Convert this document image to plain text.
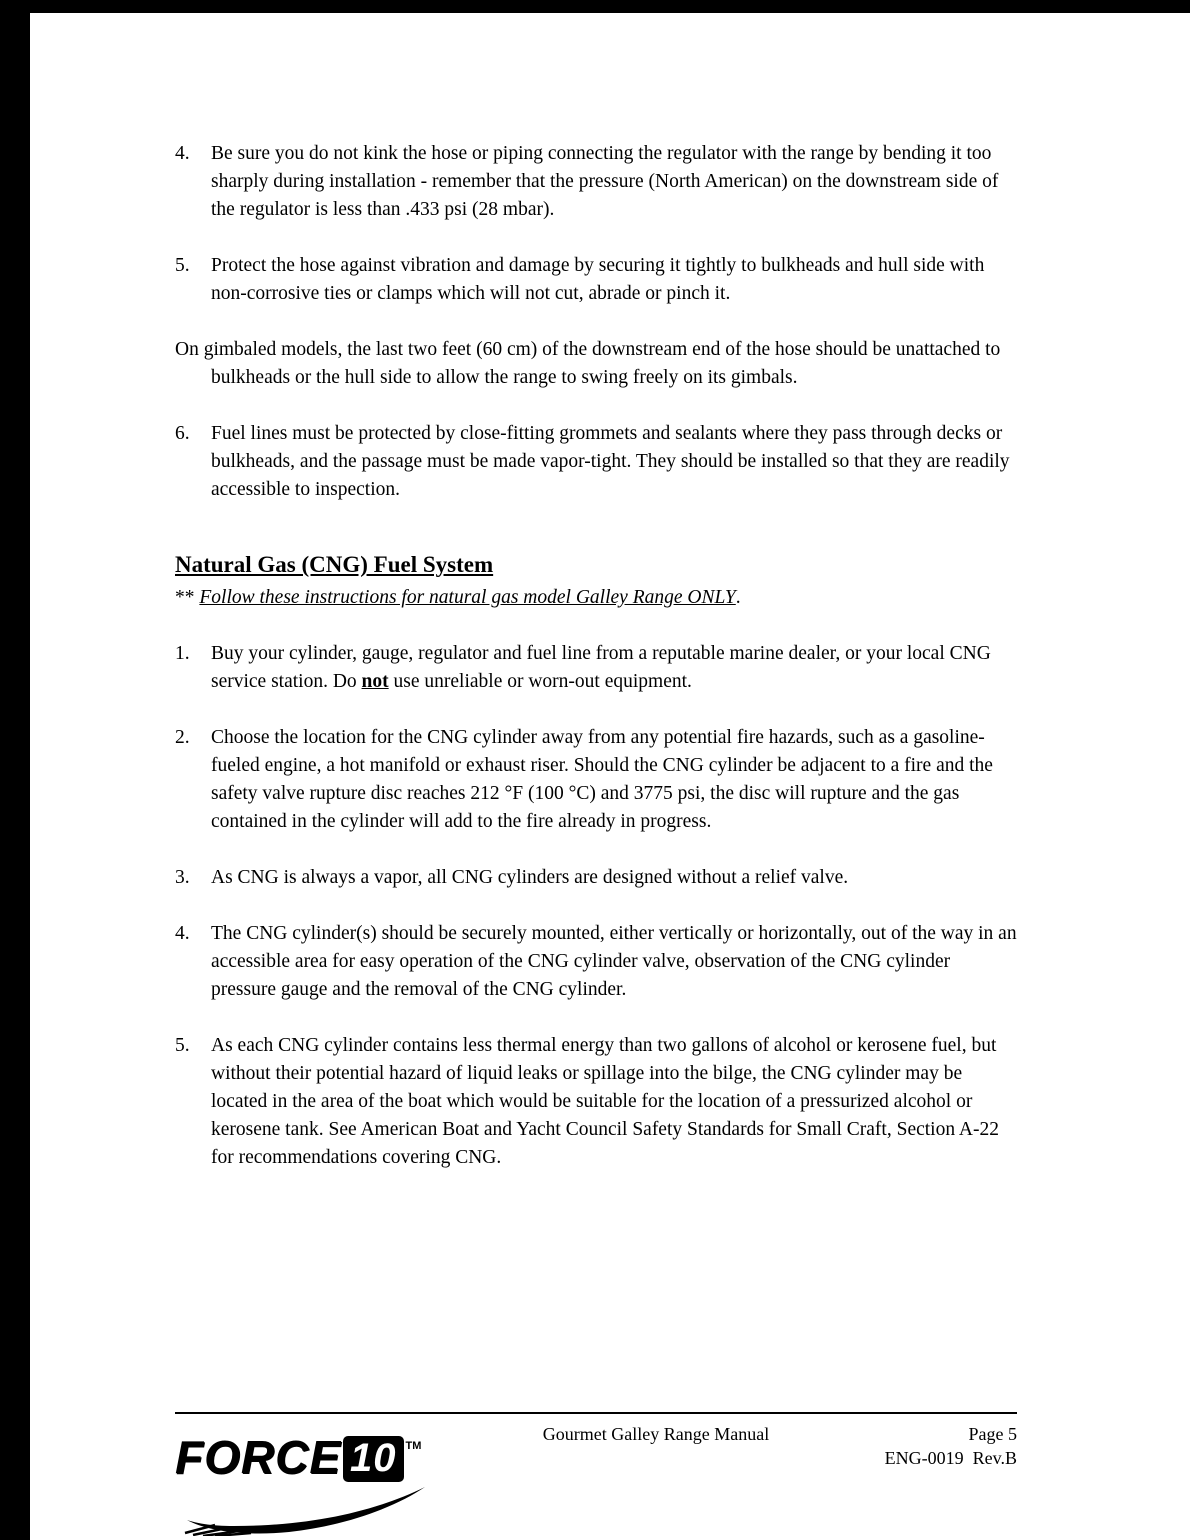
4.	Be sure you do not kink the hose or piping connecting the regulator with the range by bending it too sharply during installation - remember that the pressure (North American) on the downstream side of the regulator is less than .433 psi (28 mbar).
5.	Protect the hose against vibration and damage by securing it tightly to bulkheads and hull side with non-corrosive ties or clamps which will not cut, abrade or pinch it.
On gimbaled models, the last two feet (60 cm) of the downstream end of the hose should be unattached to bulkheads or the hull side to allow the range to swing freely on its gimbals.
6.	Fuel lines must be protected by close-fitting grommets and sealants where they pass through decks or bulkheads, and the passage must be made vapor-tight. They should be installed so that they are readily accessible to inspection.
Natural Gas (CNG) Fuel System
** Follow these instructions for natural gas model Galley Range ONLY.
1.	Buy your cylinder, gauge, regulator and fuel line from a reputable marine dealer, or your local CNG service station. Do not use unreliable or worn-out equipment.
2.	Choose the location for the CNG cylinder away from any potential fire hazards, such as a gasoline-fueled engine, a hot manifold or exhaust riser. Should the CNG cylinder be adjacent to a fire and the safety valve rupture disc reaches 212 °F (100 °C) and 3775 psi, the disc will rupture and the gas contained in the cylinder will add to the fire already in progress.
3.	As CNG is always a vapor, all CNG cylinders are designed without a relief valve.
4.	The CNG cylinder(s) should be securely mounted, either vertically or horizontally, out of the way in an accessible area for easy operation of the CNG cylinder valve, observation of the CNG cylinder pressure gauge and the removal of the CNG cylinder.
5.	As each CNG cylinder contains less thermal energy than two gallons of alcohol or kerosene fuel, but without their potential hazard of liquid leaks or spillage into the bilge, the CNG cylinder may be located in the area of the boat which would be suitable for the location of a pressurized alcohol or kerosene tank. See American Boat and Yacht Council Safety Standards for Small Craft, Section A-22 for recommendations covering CNG.
FORCE 10 ™
Gourmet Galley Range Manual	Page 5
ENG-0019  Rev.B
